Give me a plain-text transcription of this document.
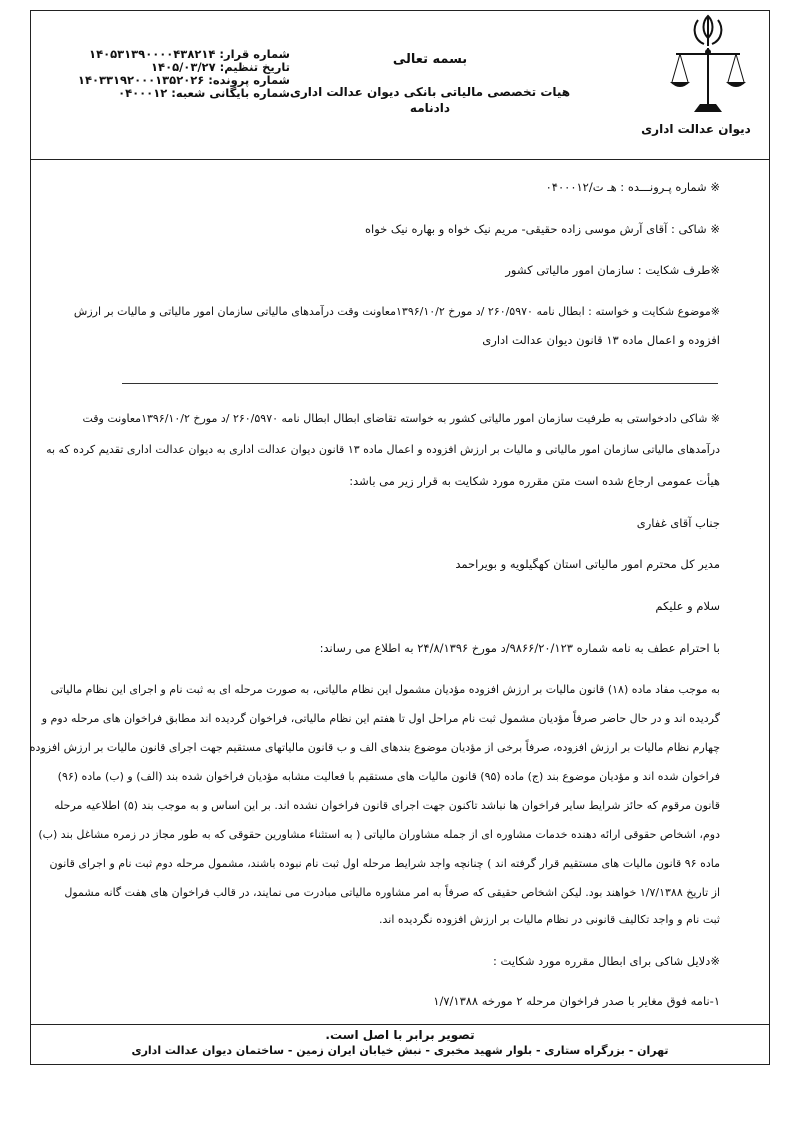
دیوان عدالت اداری
بسمه تعالی
هیات تخصصی مالیاتی بانکی دیوان عدالت اداری
دادنامه
شماره قرار: ۱۴۰۵۳۱۳۹۰۰۰۰۴۳۸۲۱۴
تاریخ تنظیم: ۱۴۰۵/۰۳/۲۷
شماره پرونده: ۱۴۰۳۳۱۹۲۰۰۰۱۳۵۲۰۲۶
شماره بایگانی شعبه: ۰۴۰۰۰۱۲
※ شماره پـرونـــده : هـ ت/۰۴۰۰۰۱۲
※ شاکی : آقای آرش موسی زاده حقیقی- مریم نیک خواه و بهاره نیک خواه
※طرف شکایت : سازمان امور مالیاتی کشور
※موضوع شکایت و خواسته : ابطال نامه ۲۶۰/۵۹۷۰ /د مورخ ۱۳۹۶/۱۰/۲معاونت وقت درآمدهای مالیاتی سازمان امور مالیاتی و مالیات بر ارزش
افزوده و اعمال ماده ۱۳ قانون دیوان عدالت اداری
※ شاکی دادخواستی به طرفیت سازمان امور مالیاتی کشور به خواسته تقاضای ابطال ابطال نامه ۲۶۰/۵۹۷۰ /د مورخ ۱۳۹۶/۱۰/۲معاونت وقت
درآمدهای مالیاتی سازمان امور مالیاتی و مالیات بر ارزش افزوده و اعمال ماده ۱۳ قانون دیوان عدالت اداری به دیوان عدالت اداری تقدیم کرده که به
هیأت عمومی ارجاع شده است متن مقرره مورد شکایت به قرار زیر می باشد:
جناب آقای غفاری
مدیر کل محترم امور مالیاتی استان کهگیلویه و بویراحمد
سلام و علیکم
با احترام عطف به نامه شماره ۹۸۶۶/۲۰/۱۲۳/د مورخ ۲۴/۸/۱۳۹۶ به اطلاع می رساند:
به موجب مفاد ماده (۱۸) قانون مالیات بر ارزش افزوده مؤدیان مشمول این نظام مالیاتی، به صورت مرحله ای به ثبت نام و اجرای این نظام مالیاتی
گردیده اند و در حال حاضر صرفاً مؤدیان مشمول ثبت نام مراحل اول تا هفتم این نظام مالیاتی، فراخوان گردیده اند مطابق فراخوان های مرحله دوم و
چهارم نظام مالیات بر ارزش افزوده، صرفاً برخی از مؤدیان موضوع بندهای الف و ب قانون مالیاتهای مستقیم جهت اجرای قانون مالیات بر ارزش افزوده
فراخوان شده اند و مؤدیان موضوع بند (ج) ماده (۹۵) قانون مالیات های مستقیم با فعالیت مشابه مؤدیان فراخوان شده بند (الف) و (ب) ماده (۹۶)
قانون مرقوم که حائز شرایط سایر فراخوان ها نباشد تاکنون جهت اجرای قانون فراخوان نشده اند. بر این اساس و به موجب بند (۵) اطلاعیه مرحله
دوم، اشخاص حقوقی ارائه دهنده خدمات مشاوره ای از جمله مشاوران مالیاتی ( به استثناء مشاورین حقوقی که به طور مجاز در زمره مشاغل بند (ب)
ماده ۹۶ قانون مالیات های مستقیم قرار گرفته اند ) چنانچه واجد شرایط مرحله اول ثبت نام نبوده باشند، مشمول مرحله دوم ثبت نام و اجرای قانون
از تاریخ ۱/۷/۱۳۸۸ خواهند بود. لیکن اشخاص حقیقی که صرفاً به امر مشاوره مالیاتی مبادرت می نمایند، در قالب فراخوان های هفت گانه مشمول
ثبت نام و واجد تکالیف قانونی در نظام مالیات بر ارزش افزوده نگردیده اند.
※دلایل شاکی برای ابطال مقرره مورد شکایت :
۱-نامه فوق مغایر با صدر فراخوان مرحله ۲ مورخه ۱/۷/۱۳۸۸
تصویر برابر با اصل است.
تهران - بزرگراه ستاری - بلوار شهید مخبری - نبش خیابان ایران زمین - ساختمان دیوان عدالت اداری
